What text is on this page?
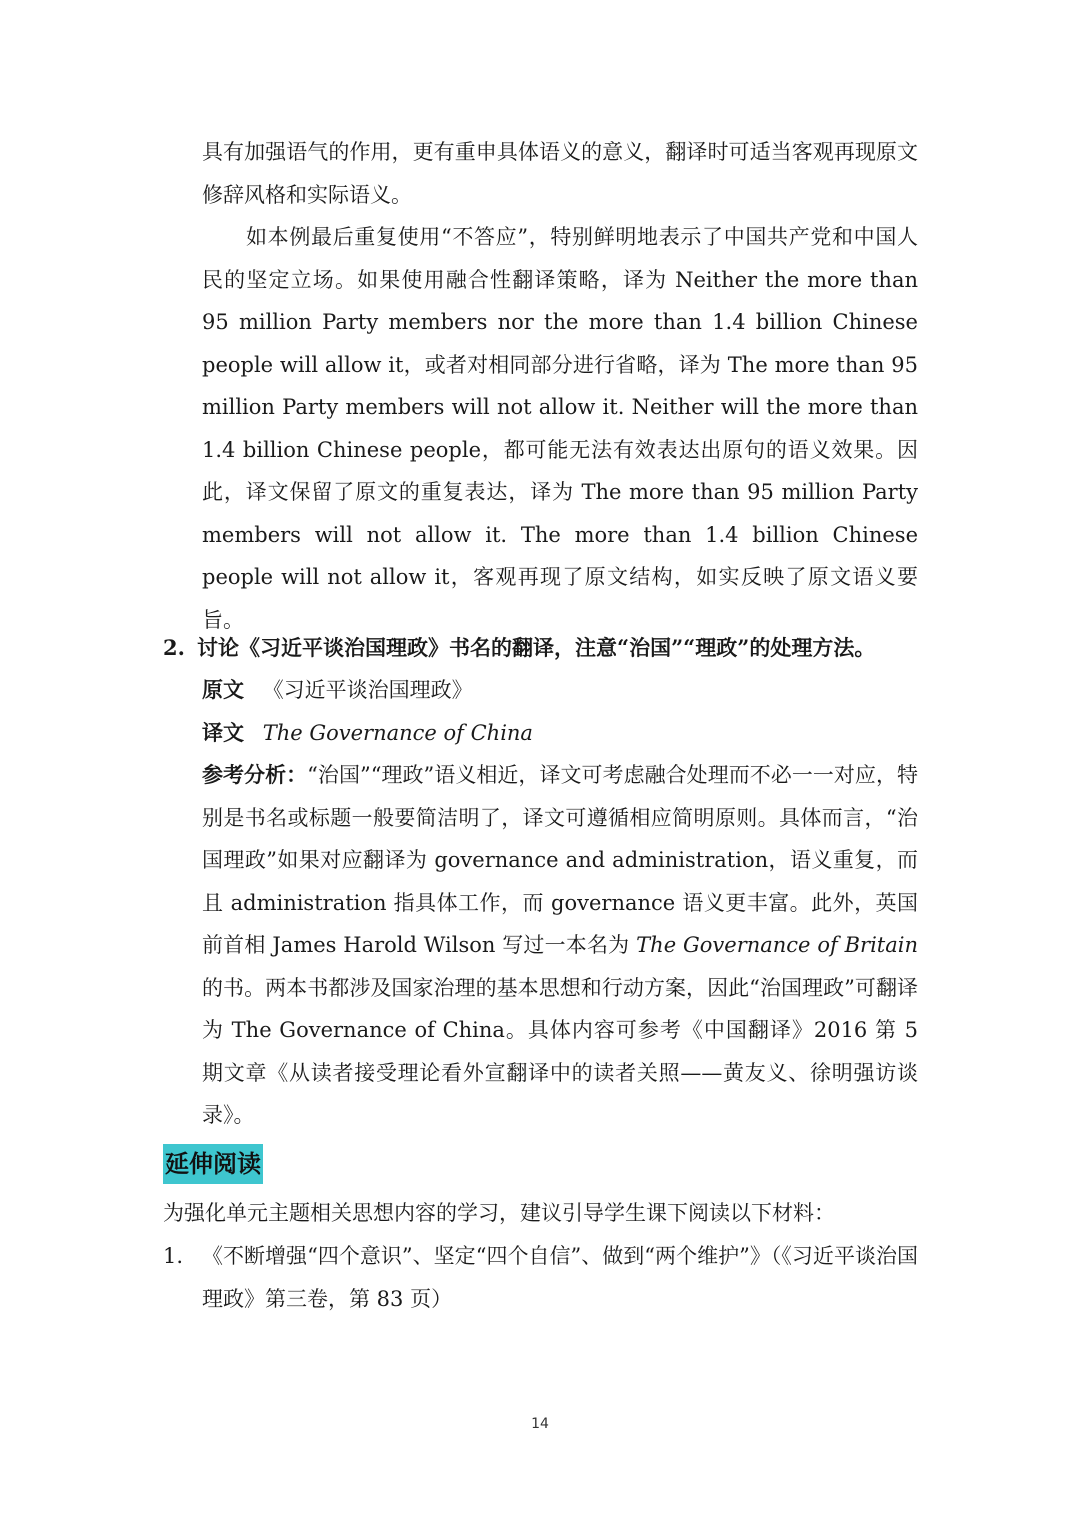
具有加强语气的作用，更有重申具体语义的意义，翻译时可适当客观再现原文修辞风格和实际语义。

如本例最后重复使用“不答应”，特别鲜明地表示了中国共产党和中国人民的坚定立场。如果使用融合性翻译策略，译为 Neither the more than 95 million Party members nor the more than 1.4 billion Chinese people will allow it，或者对相同部分进行省略，译为 The more than 95 million Party members will not allow it. Neither will the more than 1.4 billion Chinese people，都可能无法有效表达出原句的语义效果。因此，译文保留了原文的重复表达，译为 The more than 95 million Party members will not allow it. The more than 1.4 billion Chinese people will not allow it，客观再现了原文结构，如实反映了原文语义要旨。

2. 讨论《习近平谈治国理政》书名的翻译，注意“治国”“理政”的处理方法。
原文 《习近平谈治国理政》
译文 The Governance of China

参考分析：“治国”“理政”语义相近，译文可考虑融合处理而不必一一对应，特别是书名或标题一般要简洁明了，译文可遵循相应简明原则。具体而言，“治国理政”如果对应翻译为 governance and administration，语义重复，而且 administration 指具体工作，而 governance 语义更丰富。此外，英国前首相 James Harold Wilson 写过一本名为 The Governance of Britain 的书。两本书都涉及国家治理的基本思想和行动方案，因此“治国理政”可翻译为 The Governance of China。具体内容可参考《中国翻译》2016 第 5 期文章《从读者接受理论看外宣翻译中的读者关照——黄友义、徐明强访谈录》。

延伸阅读

为强化单元主题相关思想内容的学习，建议引导学生课下阅读以下材料：

1. 《不断增强“四个意识”、坚定“四个自信”、做到“两个维护”》（《习近平谈治国理政》第三卷，第 83 页）

14
